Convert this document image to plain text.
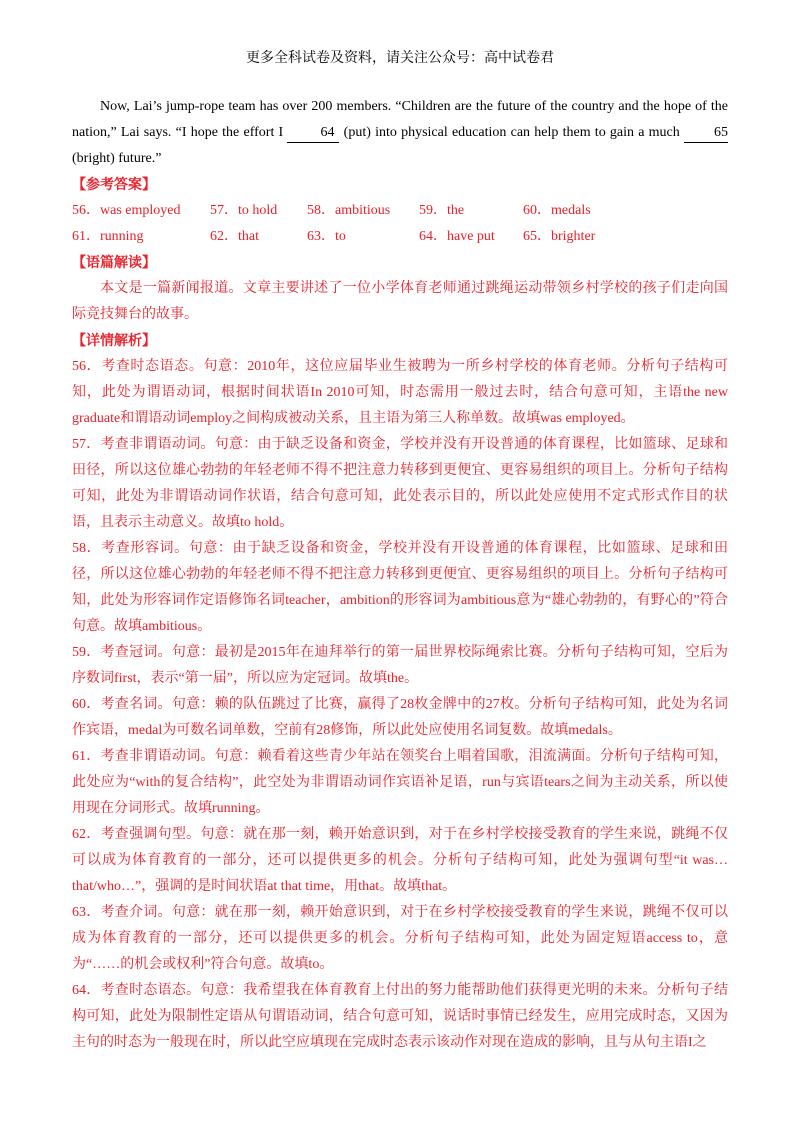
更多全科试卷及资料，请关注公众号：高中试卷君

Now, Lai’s jump-rope team has over 200 members. “Children are the future of the country and the hope of the nation,” Lai says. “I hope the effort I 64 (put) into physical education can help them to gain a much 65 (bright) future.”

【参考答案】

56．was employed	57．to hold	58．ambitious	59．the	60．medals
61．running	62．that	63．to	64．have put	65．brighter

【语篇解读】

本文是一篇新闻报道。文章主要讲述了一位小学体育老师通过跳绳运动带领乡村学校的孩子们走向国际竞技舞台的故事。

【详情解析】

56．考查时态语态。句意：2010年，这位应届毕业生被聘为一所乡村学校的体育老师。分析句子结构可知，此处为谓语动词，根据时间状语In 2010可知，时态需用一般过去时，结合句意可知，主语the new graduate和谓语动词employ之间构成被动关系，且主语为第三人称单数。故填was employed。

57．考查非谓语动词。句意：由于缺乏设备和资金，学校并没有开设普通的体育课程，比如篮球、足球和田径，所以这位雄心勃勃的年轻老师不得不把注意力转移到更便宜、更容易组织的项目上。分析句子结构可知，此处为非谓语动词作状语，结合句意可知，此处表示目的，所以此处应使用不定式形式作目的状语，且表示主动意义。故填to hold。

58．考查形容词。句意：由于缺乏设备和资金，学校并没有开设普通的体育课程，比如篮球、足球和田径，所以这位雄心勃勃的年轻老师不得不把注意力转移到更便宜、更容易组织的项目上。分析句子结构可知，此处为形容词作定语修饰名词teacher，ambition的形容词为ambitious意为“雄心勃勃的，有野心的”符合句意。故填ambitious。

59．考查冠词。句意：最初是2015年在迪拜举行的第一届世界校际绳索比赛。分析句子结构可知，空后为序数词first，表示“第一届”，所以应为定冠词。故填the。

60．考查名词。句意：赖的队伍跳过了比赛，赢得了28枚金牌中的27枚。分析句子结构可知，此处为名词作宾语，medal为可数名词单数，空前有28修饰，所以此处应使用名词复数。故填medals。

61．考查非谓语动词。句意：赖看着这些青少年站在领奖台上唱着国歌，泪流满面。分析句子结构可知，此处应为“with的复合结构”，此空处为非谓语动词作宾语补足语，run与宾语tears之间为主动关系，所以使用现在分词形式。故填running。

62．考查强调句型。句意：就在那一刻，赖开始意识到，对于在乡村学校接受教育的学生来说，跳绳不仅可以成为体育教育的一部分，还可以提供更多的机会。分析句子结构可知，此处为强调句型“it was…that/who…”，强调的是时间状语at that time，用that。故填that。

63．考查介词。句意：就在那一刻，赖开始意识到，对于在乡村学校接受教育的学生来说，跳绳不仅可以成为体育教育的一部分，还可以提供更多的机会。分析句子结构可知，此处为固定短语access to，意为“……的机会或权利”符合句意。故填to。

64．考查时态语态。句意：我希望我在体育教育上付出的努力能帮助他们获得更光明的未来。分析句子结构可知，此处为限制性定语从句谓语动词，结合句意可知，说话时事情已经发生，应用完成时态，又因为主句的时态为一般现在时，所以此空应填现在完成时态表示该动作对现在造成的影响，且与从句主语I之
